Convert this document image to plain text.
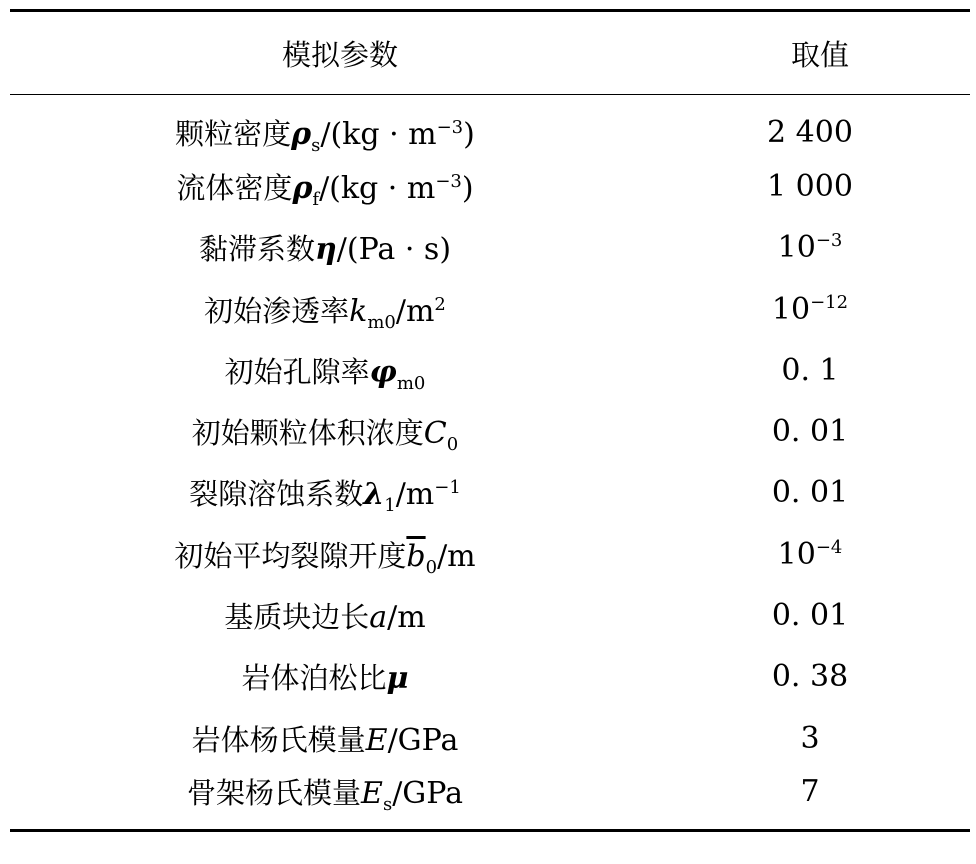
模拟参数	取值
颗粒密度$\rho_s/(kg \cdot m^{-3})$	2 400
流体密度$\rho_f/(kg \cdot m^{-3})$	1 000
黏滞系数η/(Pa · s)	$10^{-3}$
初始渗透率$k_{m0}/m^2$	$10^{-12}$
初始孔隙率$\varphi_{m0}$	0. 1
初始颗粒体积浓度$C_0$	0. 01
裂隙溶蚀系数$\lambda_1/m^{-1}$	0. 01
初始平均裂隙开度$\overline{b}_0/m$	$10^{-4}$
基质块边长a/m	0. 01
岩体泊松比μ	0. 38
岩体杨氏模量E/GPa	3
骨架杨氏模量$E_s$/GPa	7
